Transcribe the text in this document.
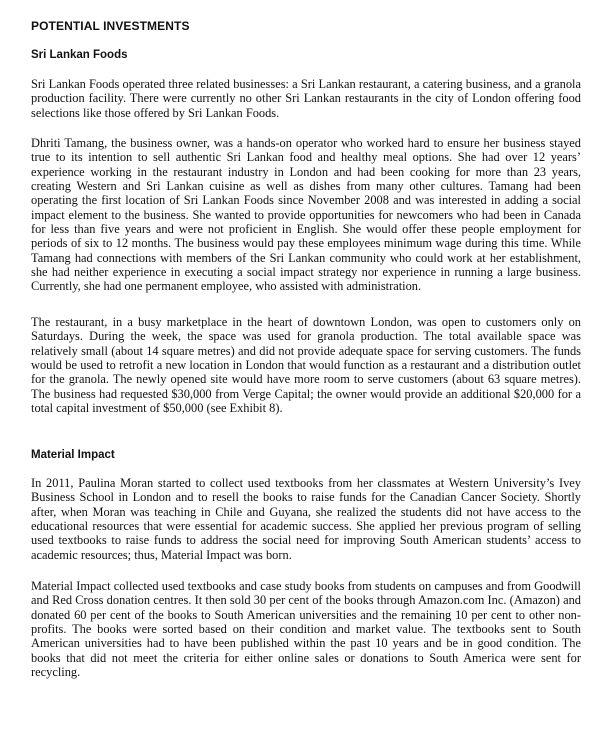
POTENTIAL INVESTMENTS
Sri Lankan Foods

Sri Lankan Foods operated three related businesses: a Sri Lankan restaurant, a catering business, and a granola production facility. There were currently no other Sri Lankan restaurants in the city of London offering food selections like those offered by Sri Lankan Foods.

Dhriti Tamang, the business owner, was a hands-on operator who worked hard to ensure her business stayed true to its intention to sell authentic Sri Lankan food and healthy meal options. She had over 12 years’ experience working in the restaurant industry in London and had been cooking for more than 23 years, creating Western and Sri Lankan cuisine as well as dishes from many other cultures. Tamang had been operating the first location of Sri Lankan Foods since November 2008 and was interested in adding a social impact element to the business. She wanted to provide opportunities for newcomers who had been in Canada for less than five years and were not proficient in English. She would offer these people employment for periods of six to 12 months. The business would pay these employees minimum wage during this time. While Tamang had connections with members of the Sri Lankan community who could work at her establishment, she had neither experience in executing a social impact strategy nor experience in running a large business. Currently, she had one permanent employee, who assisted with administration.

The restaurant, in a busy marketplace in the heart of downtown London, was open to customers only on Saturdays. During the week, the space was used for granola production. The total available space was relatively small (about 14 square metres) and did not provide adequate space for serving customers. The funds would be used to retrofit a new location in London that would function as a restaurant and a distribution outlet for the granola. The newly opened site would have more room to serve customers (about 63 square metres). The business had requested $30,000 from Verge Capital; the owner would provide an additional $20,000 for a total capital investment of $50,000 (see Exhibit 8).

Material Impact

In 2011, Paulina Moran started to collect used textbooks from her classmates at Western University’s Ivey Business School in London and to resell the books to raise funds for the Canadian Cancer Society. Shortly after, when Moran was teaching in Chile and Guyana, she realized the students did not have access to the educational resources that were essential for academic success. She applied her previous program of selling used textbooks to raise funds to address the social need for improving South American students’ access to academic resources; thus, Material Impact was born.

Material Impact collected used textbooks and case study books from students on campuses and from Goodwill and Red Cross donation centres. It then sold 30 per cent of the books through Amazon.com Inc. (Amazon) and donated 60 per cent of the books to South American universities and the remaining 10 per cent to other non-profits. The books were sorted based on their condition and market value. The textbooks sent to South American universities had to have been published within the past 10 years and be in good condition. The books that did not meet the criteria for either online sales or donations to South America were sent for recycling.
